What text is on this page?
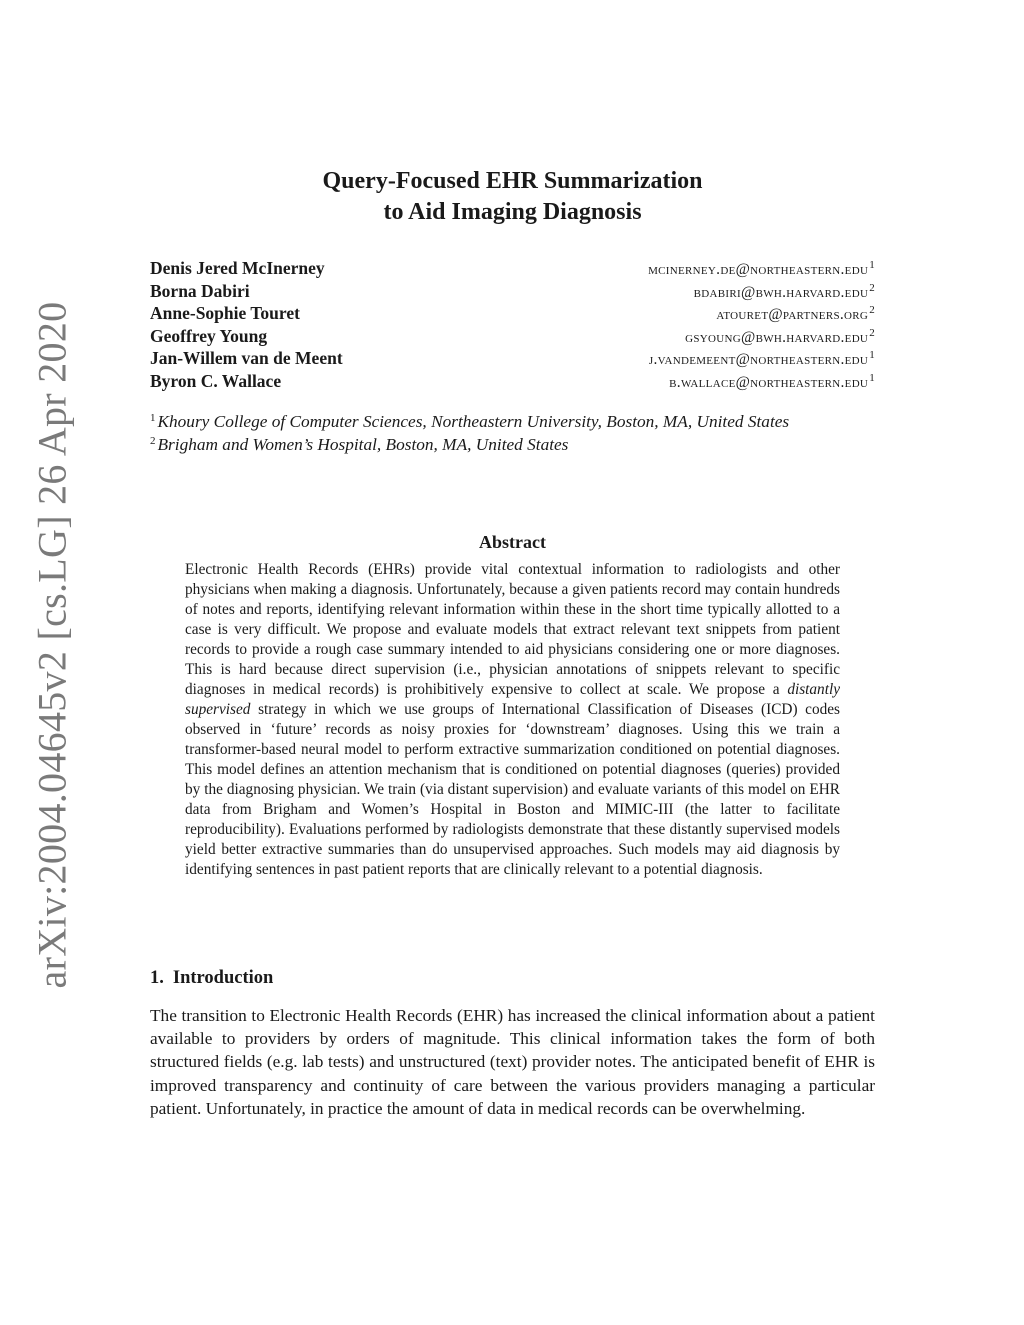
arXiv:2004.04645v2 [cs.LG] 26 Apr 2020
Query-Focused EHR Summarization
to Aid Imaging Diagnosis
Denis Jered McInerney	mcinerney.de@northeastern.edu$^1$
Borna Dabiri	bdabiri@bwh.harvard.edu$^2$
Anne-Sophie Touret	atouret@partners.org$^2$
Geoffrey Young	gsyoung@bwh.harvard.edu$^2$
Jan-Willem van de Meent	j.vandemeent@northeastern.edu$^1$
Byron C. Wallace	b.wallace@northeastern.edu$^1$
$^1$ Khoury College of Computer Sciences, Northeastern University, Boston, MA, United States
$^2$ Brigham and Women’s Hospital, Boston, MA, United States
Abstract
Electronic Health Records (EHRs) provide vital contextual information to radiologists and other physicians when making a diagnosis. Unfortunately, because a given patients record may contain hundreds of notes and reports, identifying relevant information within these in the short time typically allotted to a case is very difficult. We propose and evaluate models that extract relevant text snippets from patient records to provide a rough case summary intended to aid physicians considering one or more diagnoses. This is hard because direct supervision (i.e., physician annotations of snippets relevant to specific diagnoses in medical records) is prohibitively expensive to collect at scale. We propose a distantly supervised strategy in which we use groups of International Classification of Diseases (ICD) codes observed in ‘future’ records as noisy proxies for ‘downstream’ diagnoses. Using this we train a transformer-based neural model to perform extractive summarization conditioned on potential diagnoses. This model defines an attention mechanism that is conditioned on potential diagnoses (queries) provided by the diagnosing physician. We train (via distant supervision) and evaluate variants of this model on EHR data from Brigham and Women’s Hospital in Boston and MIMIC-III (the latter to facilitate reproducibility). Evaluations performed by radiologists demonstrate that these distantly supervised models yield better extractive summaries than do unsupervised approaches. Such models may aid diagnosis by identifying sentences in past patient reports that are clinically relevant to a potential diagnosis.
1. Introduction
The transition to Electronic Health Records (EHR) has increased the clinical information about a patient available to providers by orders of magnitude. This clinical information takes the form of both structured fields (e.g. lab tests) and unstructured (text) provider notes. The anticipated benefit of EHR is improved transparency and continuity of care between the various providers managing a particular patient. Unfortunately, in practice the amount of data in medical records can be overwhelming.
